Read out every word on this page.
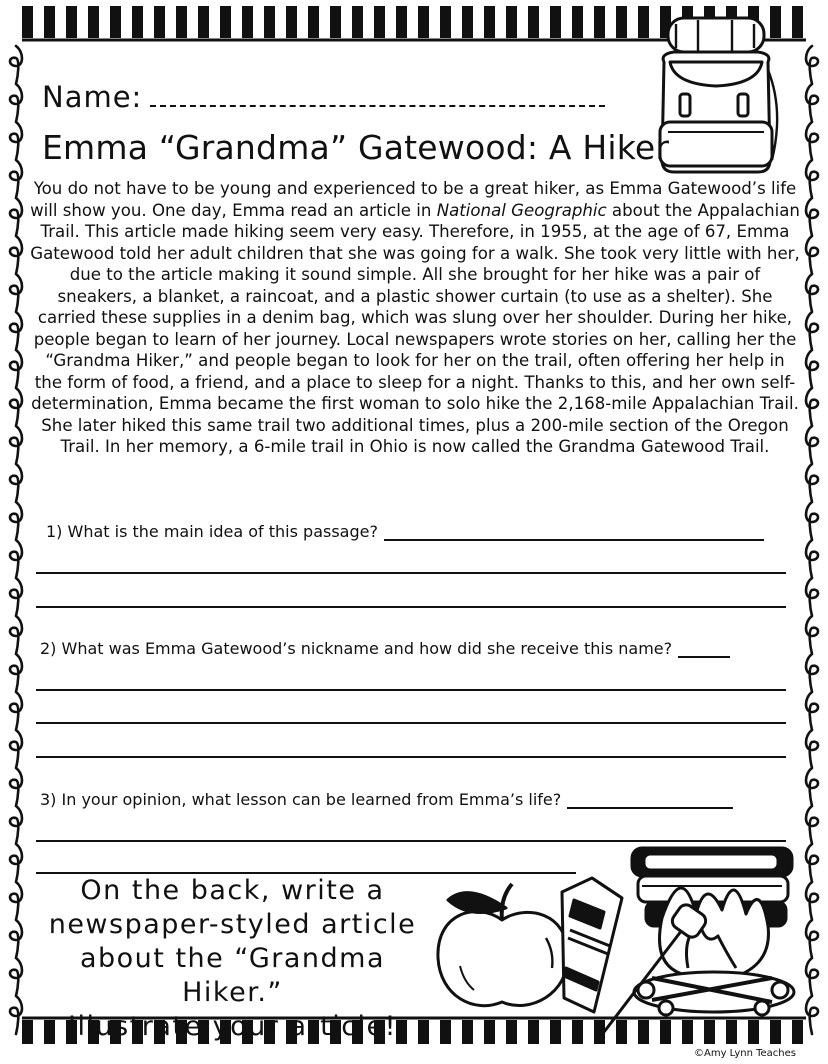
Name:
Emma “Grandma” Gatewood: A Hiker

You do not have to be young and experienced to be a great hiker, as Emma Gatewood’s life will show you. One day, Emma read an article in National Geographic about the Appalachian Trail. This article made hiking seem very easy. Therefore, in 1955, at the age of 67, Emma Gatewood told her adult children that she was going for a walk. She took very little with her, due to the article making it sound simple. All she brought for her hike was a pair of sneakers, a blanket, a raincoat, and a plastic shower curtain (to use as a shelter). She carried these supplies in a denim bag, which was slung over her shoulder. During her hike, people began to learn of her journey. Local newspapers wrote stories on her, calling her the “Grandma Hiker,” and people began to look for her on the trail, often offering her help in the form of food, a friend, and a place to sleep for a night. Thanks to this, and her own self-determination, Emma became the first woman to solo hike the 2,168-mile Appalachian Trail. She later hiked this same trail two additional times, plus a 200-mile section of the Oregon Trail. In her memory, a 6-mile trail in Ohio is now called the Grandma Gatewood Trail.

1) What is the main idea of this passage?
2) What was Emma Gatewood’s nickname and how did she receive this name?
3) In your opinion, what lesson can be learned from Emma’s life?

On the back, write a
newspaper-styled article
about the “Grandma Hiker.”
Illustrate your article!

©Amy Lynn Teaches
